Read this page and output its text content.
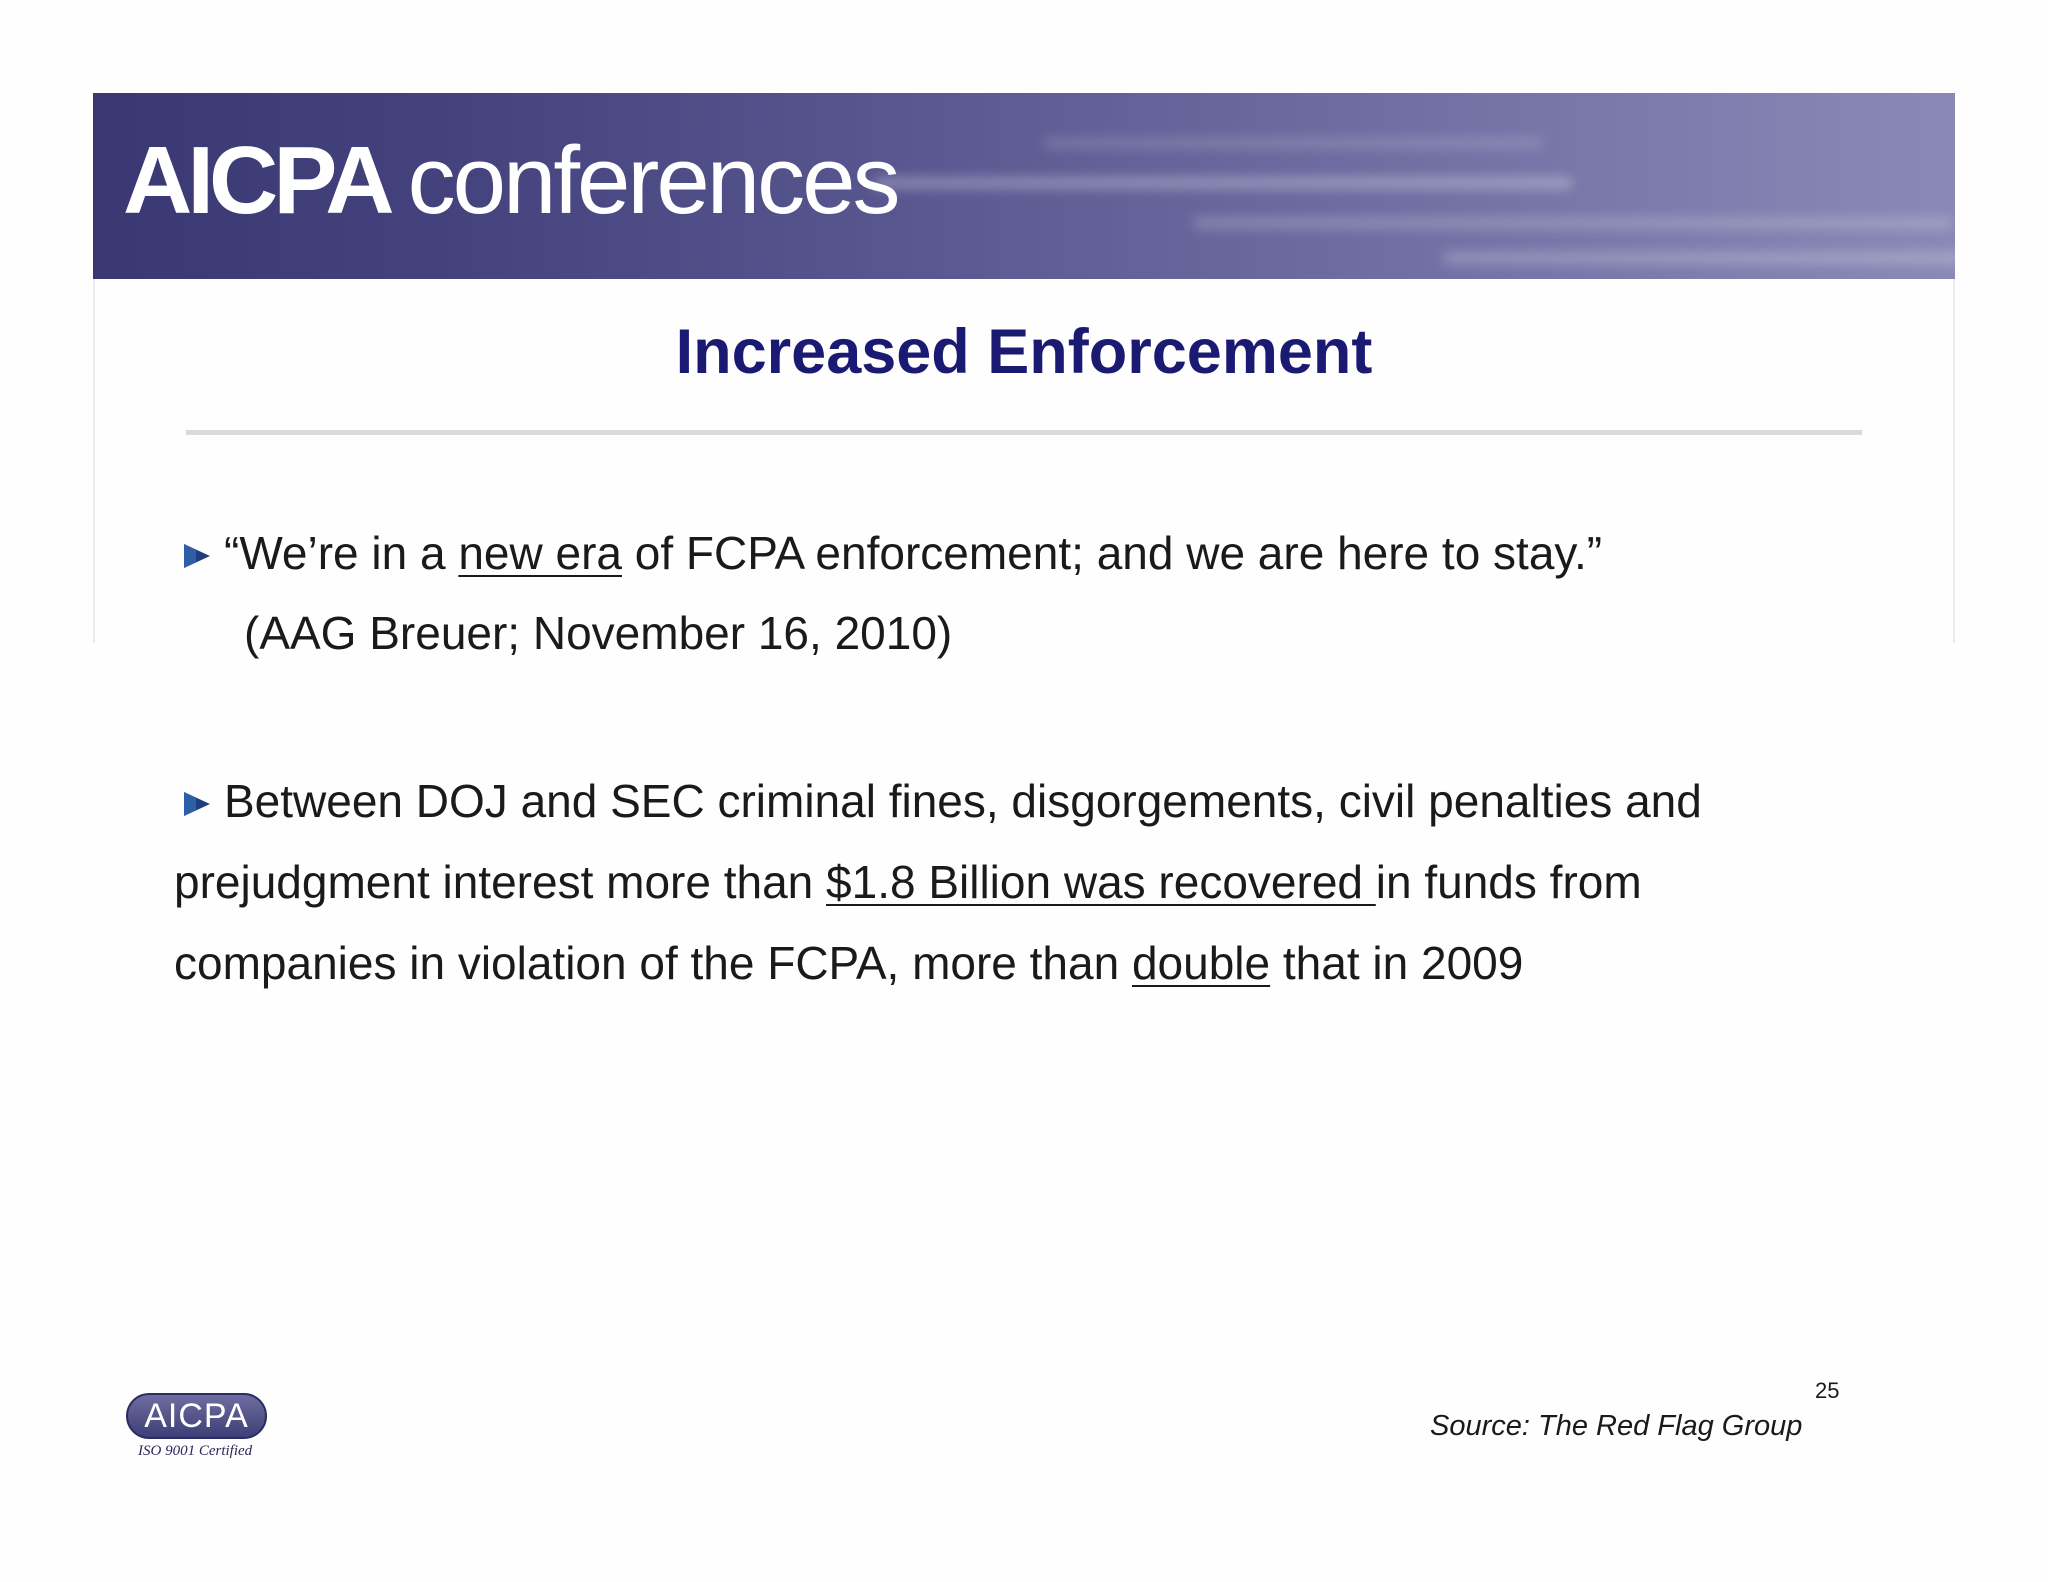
AICPA conferences
Increased Enforcement
“We’re in a new era of FCPA enforcement; and we are here to stay.”
(AAG Breuer; November 16, 2010)
Between DOJ and SEC criminal fines, disgorgements, civil penalties and
prejudgment interest more than $1.8 Billion was recovered in funds from
companies in violation of the FCPA, more than double that in 2009
AICPA
ISO 9001 Certified
25
Source: The Red Flag Group
